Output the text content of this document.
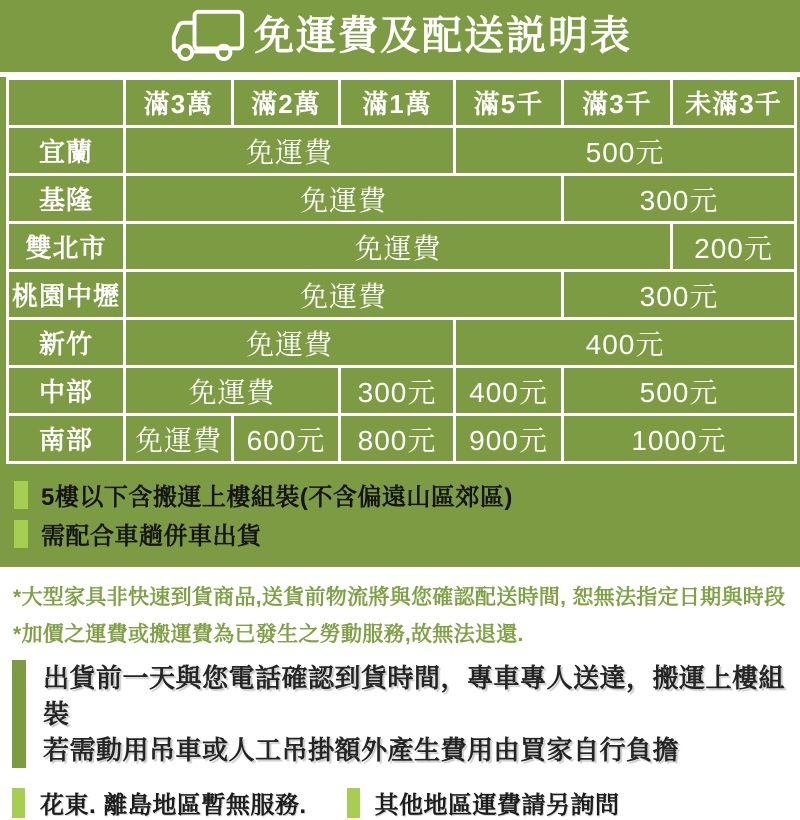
免運費及配送説明表
	滿3萬	滿2萬	滿1萬	滿5千	滿3千	未滿3千
宜蘭	免運費			500元		
基隆	免運費				300元	
雙北市	免運費					200元
桃園中壢	免運費				300元	
新竹	免運費			400元		
中部	免運費		300元	400元	500元	
南部	免運費	600元	800元	900元	1000元	
5樓以下含搬運上樓組裝(不含偏遠山區郊區)
需配合車趟併車出貨

*大型家具非快速到貨商品,送貨前物流將與您確認配送時間, 恕無法指定日期與時段

*加價之運費或搬運費為已發生之勞動服務,故無法退還.

出貨前一天與您電話確認到貨時間，專車專人送達，搬運上樓組裝

若需動用吊車或人工吊掛額外產生費用由買家自行負擔

花東. 離島地區暫無服務.	其他地區運費請另詢問
